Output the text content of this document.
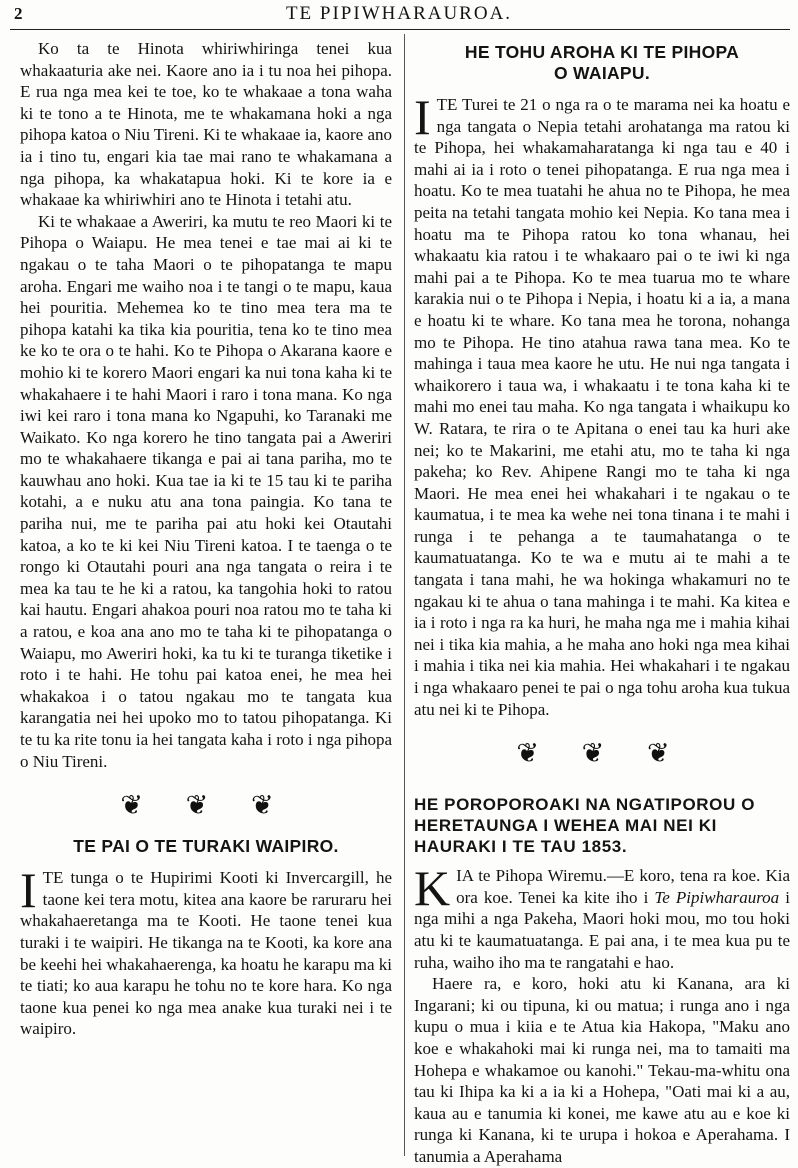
2	TE PIPIWHARAUROA.

Ko ta te Hinota whiriwhiringa tenei kua whakaaturia ake nei. Kaore ano ia i tu noa hei pihopa. E rua nga mea kei te toe, ko te whakaae a tona waha ki te tono a te Hinota, me te whakamana hoki a nga pihopa katoa o Niu Tireni. Ki te whakaae ia, kaore ano ia i tino tu, engari kia tae mai rano te whakamana a nga pihopa, ka whakatapua hoki. Ki te kore ia e whakaae ka whiriwhiri ano te Hinota i tetahi atu.

Ki te whakaae a Aweriri, ka mutu te reo Maori ki te Pihopa o Waiapu. He mea tenei e tae mai ai ki te ngakau o te taha Maori o te pihopatanga te mapu aroha. Engari me waiho noa i te tangi o te mapu, kaua hei pouritia. Mehemea ko te tino mea tera ma te pihopa katahi ka tika kia pouritia, tena ko te tino mea ke ko te ora o te hahi. Ko te Pihopa o Akarana kaore e mohio ki te korero Maori engari ka nui tona kaha ki te whakahaere i te hahi Maori i raro i tona mana. Ko nga iwi kei raro i tona mana ko Ngapuhi, ko Taranaki me Waikato. Ko nga korero he tino tangata pai a Aweriri mo te whakahaere tikanga e pai ai tana pariha, mo te kauwhau ano hoki. Kua tae ia ki te 15 tau ki te pariha kotahi, a e nuku atu ana tona paingia. Ko tana te pariha nui, me te pariha pai atu hoki kei Otautahi katoa, a ko te ki kei Niu Tireni katoa. I te taenga o te rongo ki Otautahi pouri ana nga tangata o reira i te mea ka tau te he ki a ratou, ka tangohia hoki to ratou kai hautu. Engari ahakoa pouri noa ratou mo te taha ki a ratou, e koa ana ano mo te taha ki te pihopatanga o Waiapu, mo Aweriri hoki, ka tu ki te turanga tiketike i roto i te hahi. He tohu pai katoa enei, he mea hei whakakoa i o tatou ngakau mo te tangata kua karangatia nei hei upoko mo to tatou pihopatanga. Ki te tu ka rite tonu ia hei tangata kaha i roto i nga pihopa o Niu Tireni.

❦ ❦ ❦
TE PAI O TE TURAKI WAIPIRO.

ITE tunga o te Hupirimi Kooti ki Invercargill, he taone kei tera motu, kitea ana kaore be raruraru hei whakahaeretanga ma te Kooti. He taone tenei kua turaki i te waipiri. He tikanga na te Kooti, ka kore ana be keehi hei whakahaerenga, ka hoatu he karapu ma ki te tiati; ko aua karapu he tohu no te kore hara. Ko nga taone kua penei ko nga mea anake kua turaki nei i te waipiro.

HE TOHU AROHA KI TE PIHOPA
O WAIAPU.

ITE Turei te 21 o nga ra o te marama nei ka hoatu e nga tangata o Nepia tetahi arohatanga ma ratou ki te Pihopa, hei whakamaharatanga ki nga tau e 40 i mahi ai ia i roto o tenei pihopatanga. E rua nga mea i hoatu. Ko te mea tuatahi he ahua no te Pihopa, he mea peita na tetahi tangata mohio kei Nepia. Ko tana mea i hoatu ma te Pihopa ratou ko tona whanau, hei whakaatu kia ratou i te whakaaro pai o te iwi ki nga mahi pai a te Pihopa. Ko te mea tuarua mo te whare karakia nui o te Pihopa i Nepia, i hoatu ki a ia, a mana e hoatu ki te whare. Ko tana mea he torona, nohanga mo te Pihopa. He tino atahua rawa tana mea. Ko te mahinga i taua mea kaore he utu. He nui nga tangata i whaikorero i taua wa, i whakaatu i te tona kaha ki te mahi mo enei tau maha. Ko nga tangata i whaikupu ko W. Ratara, te rira o te Apitana o enei tau ka huri ake nei; ko te Makarini, me etahi atu, mo te taha ki nga pakeha; ko Rev. Ahipene Rangi mo te taha ki nga Maori. He mea enei hei whakahari i te ngakau o te kaumatua, i te mea ka wehe nei tona tinana i te mahi i runga i te pehanga a te taumahatanga o te kaumatuatanga. Ko te wa e mutu ai te mahi a te tangata i tana mahi, he wa hokinga whakamuri no te ngakau ki te ahua o tana mahinga i te mahi. Ka kitea e ia i roto i nga ra ka huri, he maha nga me i mahia kihai nei i tika kia mahia, a he maha ano hoki nga mea kihai i mahia i tika nei kia mahia. Hei whakahari i te ngakau i nga whakaaro penei te pai o nga tohu aroha kua tukua atu nei ki te Pihopa.

❦ ❦ ❦
HE POROPOROAKI NA NGATIPOROU O HERETAUNGA I WEHEA MAI NEI KI HAURAKI I TE TAU 1853.

KIA te Pihopa Wiremu.—E koro, tena ra koe. Kia ora koe. Tenei ka kite iho i Te Pipiwharauroa i nga mihi a nga Pakeha, Maori hoki mou, mo tou hoki atu ki te kaumatuatanga. E pai ana, i te mea kua pu te ruha, waiho iho ma te rangatahi e hao.

Haere ra, e koro, hoki atu ki Kanana, ara ki Ingarani; ki ou tipuna, ki ou matua; i runga ano i nga kupu o mua i kiia e te Atua kia Hakopa, "Maku ano koe e whakahoki mai ki runga nei, ma to tamaiti ma Hohepa e whakamoe ou kanohi." Tekau-ma-whitu ona tau ki Ihipa ka ki a ia ki a Hohepa, "Oati mai ki a au, kaua au e tanumia ki konei, me kawe atu au e koe ki runga ki Kanana, ki te urupa i hokoa e Aperahama. I tanumia a Aperahama
